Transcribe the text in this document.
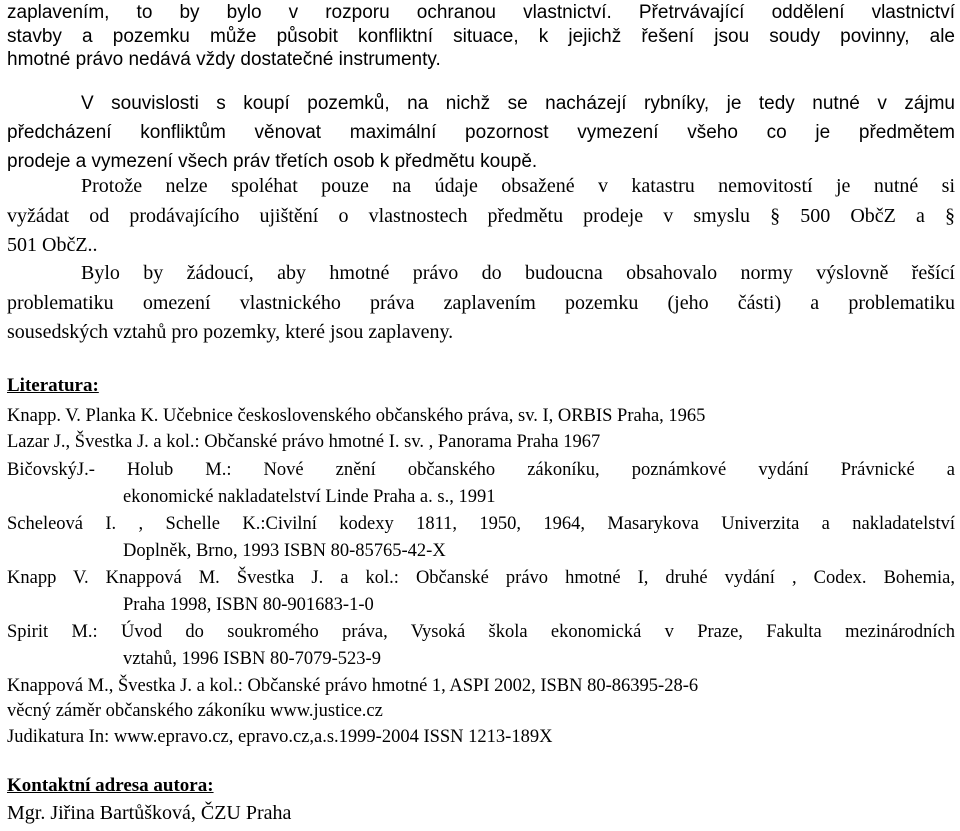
zaplavením, to by bylo v rozporu ochranou vlastnictví. Přetrvávající oddělení vlastnictví
stavby a pozemku může působit konfliktní situace, k jejichž řešení jsou soudy povinny, ale
hmotné právo nedává vždy dostatečné instrumenty.
V souvislosti s koupí pozemků, na nichž se nacházejí rybníky, je tedy nutné v zájmu
předcházení konfliktům věnovat maximální pozornost vymezení všeho co je předmětem
prodeje a vymezení všech práv třetích osob k předmětu koupě.
Protože nelze spoléhat pouze na údaje obsažené v katastru nemovitostí je nutné si
vyžádat od prodávajícího ujištění o vlastnostech předmětu prodeje v smyslu § 500 ObčZ a §
501 ObčZ..
Bylo by žádoucí, aby hmotné právo do budoucna obsahovalo normy výslovně řešící
problematiku omezení vlastnického práva zaplavením pozemku (jeho části) a problematiku
sousedských vztahů pro pozemky, které jsou zaplaveny.
Literatura:
Knapp. V. Planka K. Učebnice československého občanského práva, sv. I, ORBIS Praha, 1965
Lazar J., Švestka J. a kol.: Občanské právo hmotné I. sv. , Panorama Praha 1967
BičovskýJ.- Holub M.: Nové znění občanského zákoníku, poznámkové vydání Právnické a
ekonomické nakladatelství Linde Praha a. s., 1991
Scheleová I. , Schelle K.:Civilní kodexy 1811, 1950, 1964, Masarykova Univerzita a nakladatelství
Doplněk, Brno, 1993 ISBN 80-85765-42-X
Knapp V. Knappová M. Švestka J. a kol.: Občanské právo hmotné I, druhé vydání , Codex. Bohemia,
Praha 1998, ISBN 80-901683-1-0
Spirit M.: Úvod do soukromého práva, Vysoká škola ekonomická v Praze, Fakulta mezinárodních
vztahů, 1996 ISBN 80-7079-523-9
Knappová M., Švestka J. a kol.: Občanské právo hmotné 1, ASPI 2002, ISBN 80-86395-28-6
věcný záměr občanského zákoníku www.justice.cz
Judikatura In: www.epravo.cz, epravo.cz,a.s.1999-2004 ISSN 1213-189X
Kontaktní adresa autora:
Mgr. Jiřina Bartůšková, ČZU Praha
